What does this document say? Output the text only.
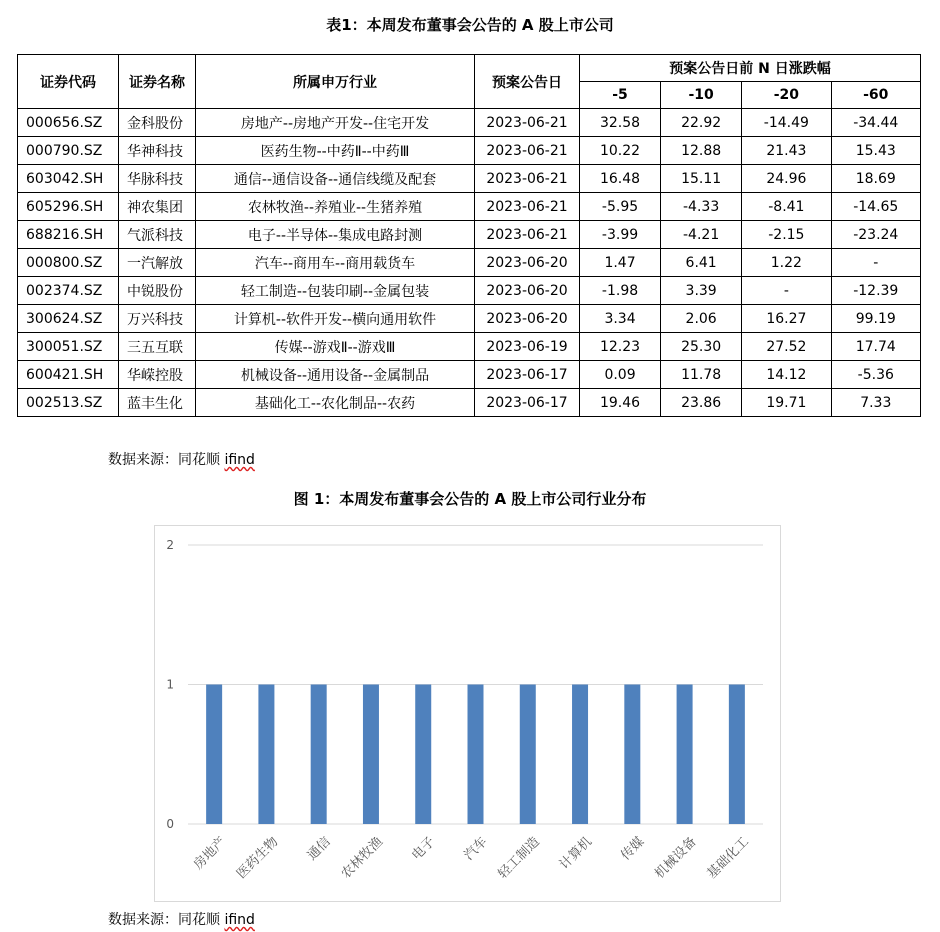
表1：本周发布董事会公告的 A 股上市公司
证券代码	证券名称	所属申万行业	预案公告日	预案公告日前 N 日涨跌幅			
				-5	-10	-20	-60
000656.SZ	金科股份	房地产--房地产开发--住宅开发	2023-06-21	32.58	22.92	-14.49	-34.44
000790.SZ	华神科技	医药生物--中药Ⅱ--中药Ⅲ	2023-06-21	10.22	12.88	21.43	15.43
603042.SH	华脉科技	通信--通信设备--通信线缆及配套	2023-06-21	16.48	15.11	24.96	18.69
605296.SH	神农集团	农林牧渔--养殖业--生猪养殖	2023-06-21	-5.95	-4.33	-8.41	-14.65
688216.SH	气派科技	电子--半导体--集成电路封测	2023-06-21	-3.99	-4.21	-2.15	-23.24
000800.SZ	一汽解放	汽车--商用车--商用载货车	2023-06-20	1.47	6.41	1.22	-
002374.SZ	中锐股份	轻工制造--包装印刷--金属包装	2023-06-20	-1.98	3.39	-	-12.39
300624.SZ	万兴科技	计算机--软件开发--横向通用软件	2023-06-20	3.34	2.06	16.27	99.19
300051.SZ	三五互联	传媒--游戏Ⅱ--游戏Ⅲ	2023-06-19	12.23	25.30	27.52	17.74
600421.SH	华嵘控股	机械设备--通用设备--金属制品	2023-06-17	0.09	11.78	14.12	-5.36
002513.SZ	蓝丰生化	基础化工--农化制品--农药	2023-06-17	19.46	23.86	19.71	7.33
数据来源：同花顺 ifind
图 1：本周发布董事会公告的 A 股上市公司行业分布
0
1
2
房地产 医药生物 通信 农林牧渔 电子 汽车 轻工制造 计算机 传媒 机械设备 基础化工
数据来源：同花顺 ifind
